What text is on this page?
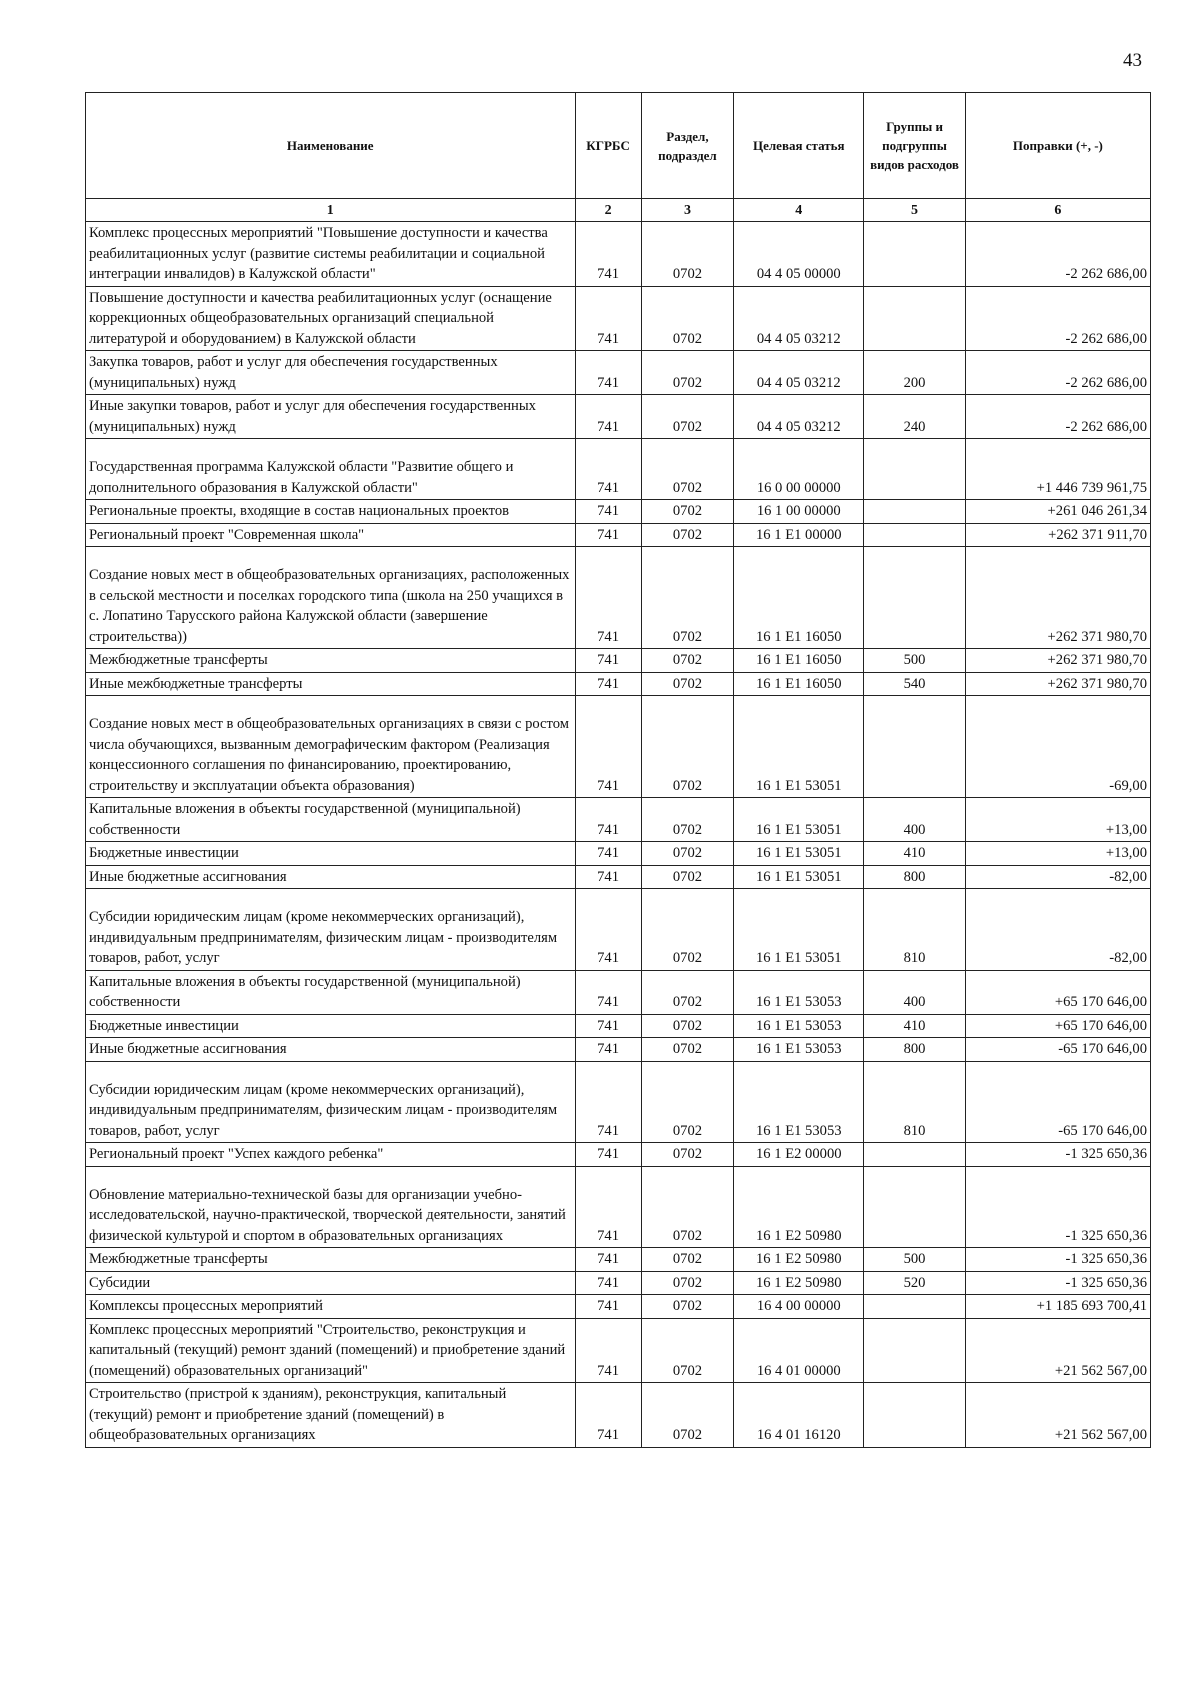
43
Наименование	КГРБС	Раздел, подраздел	Целевая статья	Группы и подгруппы видов расходов	Поправки (+, -)
1	2	3	4	5	6
Комплекс процессных мероприятий "Повышение доступности и качества реабилитационных услуг (развитие системы реабилитации и социальной интеграции инвалидов) в Калужской области"	741	0702	04 4 05 00000		-2 262 686,00
Повышение доступности и качества реабилитационных услуг (оснащение коррекционных общеобразовательных организаций специальной литературой и оборудованием) в Калужской области	741	0702	04 4 05 03212		-2 262 686,00
Закупка товаров, работ и услуг для обеспечения государственных (муниципальных) нужд	741	0702	04 4 05 03212	200	-2 262 686,00
Иные закупки товаров, работ и услуг для обеспечения государственных (муниципальных) нужд	741	0702	04 4 05 03212	240	-2 262 686,00
Государственная программа Калужской области "Развитие общего и дополнительного образования в Калужской области"	741	0702	16 0 00 00000		+1 446 739 961,75
Региональные проекты, входящие в состав национальных проектов	741	0702	16 1 00 00000		+261 046 261,34
Региональный проект "Современная школа"	741	0702	16 1 E1 00000		+262 371 911,70
Создание новых мест в общеобразовательных организациях, расположенных в сельской местности и поселках городского типа (школа на 250 учащихся в с. Лопатино Тарусского района Калужской области (завершение строительства))	741	0702	16 1 E1 16050		+262 371 980,70
Межбюджетные трансферты	741	0702	16 1 E1 16050	500	+262 371 980,70
Иные межбюджетные трансферты	741	0702	16 1 E1 16050	540	+262 371 980,70
Создание новых мест в общеобразовательных организациях в связи с ростом числа обучающихся, вызванным демографическим фактором (Реализация концессионного соглашения по финансированию, проектированию, строительству и эксплуатации объекта образования)	741	0702	16 1 E1 53051		-69,00
Капитальные вложения в объекты государственной (муниципальной) собственности	741	0702	16 1 E1 53051	400	+13,00
Бюджетные инвестиции	741	0702	16 1 E1 53051	410	+13,00
Иные бюджетные ассигнования	741	0702	16 1 E1 53051	800	-82,00
Субсидии юридическим лицам (кроме некоммерческих организаций), индивидуальным предпринимателям, физическим лицам - производителям товаров, работ, услуг	741	0702	16 1 E1 53051	810	-82,00
Капитальные вложения в объекты государственной (муниципальной) собственности	741	0702	16 1 E1 53053	400	+65 170 646,00
Бюджетные инвестиции	741	0702	16 1 E1 53053	410	+65 170 646,00
Иные бюджетные ассигнования	741	0702	16 1 E1 53053	800	-65 170 646,00
Субсидии юридическим лицам (кроме некоммерческих организаций), индивидуальным предпринимателям, физическим лицам - производителям товаров, работ, услуг	741	0702	16 1 E1 53053	810	-65 170 646,00
Региональный проект "Успех каждого ребенка"	741	0702	16 1 E2 00000		-1 325 650,36
Обновление материально-технической базы для организации учебно-исследовательской, научно-практической, творческой деятельности, занятий физической культурой и спортом в образовательных организациях	741	0702	16 1 E2 50980		-1 325 650,36
Межбюджетные трансферты	741	0702	16 1 E2 50980	500	-1 325 650,36
Субсидии	741	0702	16 1 E2 50980	520	-1 325 650,36
Комплексы процессных мероприятий	741	0702	16 4 00 00000		+1 185 693 700,41
Комплекс процессных мероприятий "Строительство, реконструкция и капитальный (текущий) ремонт зданий (помещений) и приобретение зданий (помещений) образовательных организаций"	741	0702	16 4 01 00000		+21 562 567,00
Строительство (пристрой к зданиям), реконструкция, капитальный (текущий) ремонт и приобретение зданий (помещений) в общеобразовательных организациях	741	0702	16 4 01 16120		+21 562 567,00
